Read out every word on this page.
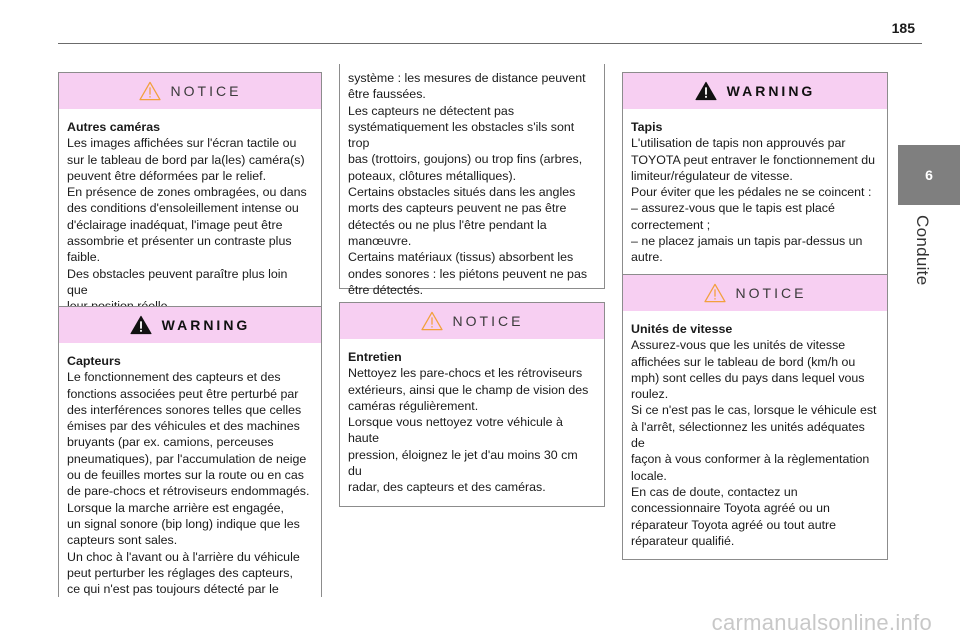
185
6
Conduite
NOTICE

Autres caméras

Les images affichées sur l'écran tactile ou

sur le tableau de bord par la(les) caméra(s)

peuvent être déformées par le relief.

En présence de zones ombragées, ou dans

des conditions d'ensoleillement intense ou

d'éclairage inadéquat, l'image peut être

assombrie et présenter un contraste plus

faible.

Des obstacles peuvent paraître plus loin que

WARNING

Capteurs

Le fonctionnement des capteurs et des

fonctions associées peut être perturbé par

des interférences sonores telles que celles

émises par des véhicules et des machines

bruyants (par ex. camions, perceuses

pneumatiques), par l'accumulation de neige

ou de feuilles mortes sur la route ou en cas

de pare-chocs et rétroviseurs endommagés.

Lorsque la marche arrière est engagée,

un signal sonore (bip long) indique que les

capteurs sont sales.

Un choc à l'avant ou à l'arrière du véhicule

peut perturber les réglages des capteurs,

ce qui n'est pas toujours détecté par le

système : les mesures de distance peuvent

être faussées.

Les capteurs ne détectent pas

systématiquement les obstacles s'ils sont trop

bas (trottoirs, goujons) ou trop fins (arbres,

poteaux, clôtures métalliques).

Certains obstacles situés dans les angles

morts des capteurs peuvent ne pas être

détectés ou ne plus l'être pendant la

manœuvre.

Certains matériaux (tissus) absorbent les

ondes sonores : les piétons peuvent ne pas

être détectés.

NOTICE

Entretien

Nettoyez les pare-chocs et les rétroviseurs

extérieurs, ainsi que le champ de vision des

caméras régulièrement.

Lorsque vous nettoyez votre véhicule à haute

pression, éloignez le jet d'au moins 30 cm du

radar, des capteurs et des caméras.

WARNING

Tapis

L'utilisation de tapis non approuvés par

TOYOTA peut entraver le fonctionnement du

limiteur/régulateur de vitesse.

Pour éviter que les pédales ne se coincent :

– assurez-vous que le tapis est placé

correctement ;

– ne placez jamais un tapis par-dessus un

autre.

NOTICE

Unités de vitesse

Assurez-vous que les unités de vitesse

affichées sur le tableau de bord (km/h ou

mph) sont celles du pays dans lequel vous

roulez.

Si ce n'est pas le cas, lorsque le véhicule est

à l'arrêt, sélectionnez les unités adéquates de

façon à vous conformer à la règlementation

locale.

En cas de doute, contactez un

concessionnaire Toyota agréé ou un

réparateur Toyota agréé ou tout autre

réparateur qualifié.

carmanualsonline.info
